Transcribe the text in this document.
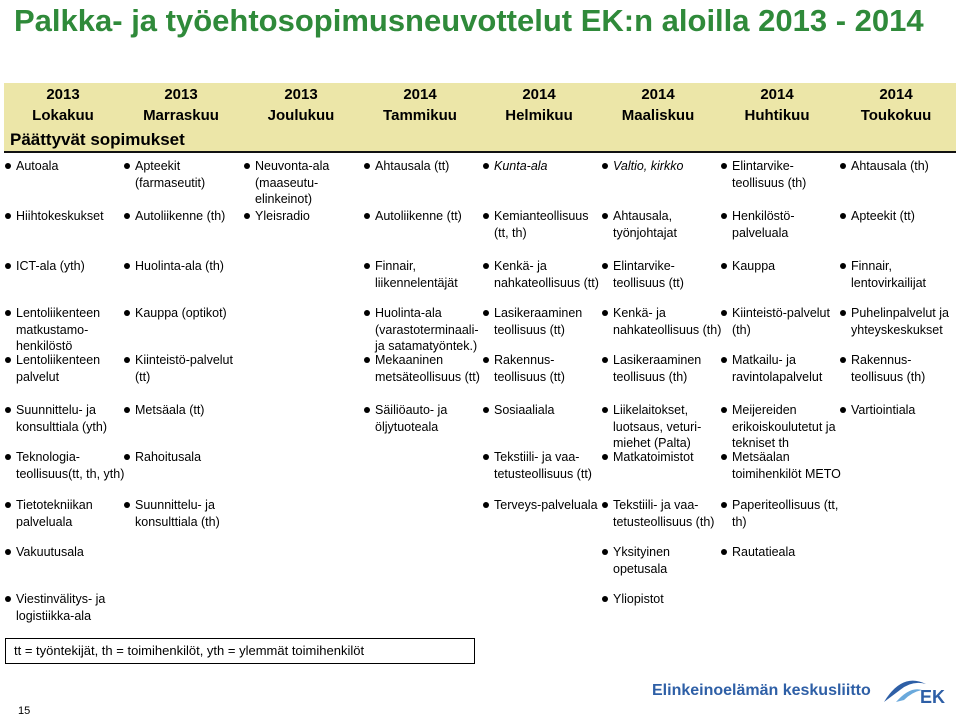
Palkka- ja työehtosopimusneuvottelut EK:n aloilla 2013 - 2014
2013
Lokakuu
2013
Marraskuu
2013
Joulukuu
2014
Tammikuu
2014
Helmikuu
2014
Maaliskuu
2014
Huhtikuu
2014
Toukokuu
Päättyvät sopimukset
Autoala
Hiihtokeskukset
ICT-ala (yth)
Lentoliikenteen matkustamo-henkilöstö
Lentoliikenteen palvelut
Suunnittelu- ja konsulttiala (yth)
Teknologia-teollisuus(tt, th, yth)
Tietotekniikan palveluala
Vakuutusala
Viestinvälitys- ja logistiikka-ala
Apteekit (farmaseutit)
Autoliikenne (th)
Huolinta-ala (th)
Kauppa (optikot)
Kiinteistö-palvelut (tt)
Metsäala (tt)
Rahoitusala
Suunnittelu- ja konsulttiala (th)
Neuvonta-ala (maaseutu-elinkeinot)
Yleisradio
Ahtausala (tt)
Autoliikenne (tt)
Finnair, liikennelentäjät
Huolinta-ala (varastoterminaali-ja satamatyöntek.)
Mekaaninen metsäteollisuus (tt)
Säiliöauto- ja öljytuoteala
Kunta-ala
Kemianteollisuus (tt, th)
Kenkä- ja nahkateollisuus (tt)
Lasikeraaminen teollisuus (tt)
Rakennus-teollisuus (tt)
Sosiaaliala
Tekstiili- ja vaa-tetusteollisuus (tt)
Terveys-palveluala
Valtio, kirkko
Ahtausala, työnjohtajat
Elintarvike-teollisuus (tt)
Kenkä- ja nahkateollisuus (th)
Lasikeraaminen teollisuus (th)
Liikelaitokset, luotsaus, veturi-miehet (Palta)
Matkatoimistot
Tekstiili- ja vaa-tetusteollisuus (th)
Yksityinen opetusala
Yliopistot
Elintarvike-teollisuus (th)
Henkilöstö-palveluala
Kauppa
Kiinteistö-palvelut (th)
Matkailu- ja ravintolapalvelut
Meijereiden erikoiskoulutetut ja tekniset th
Metsäalan toimihenkilöt METO
Paperiteollisuus (tt, th)
Rautatieala
Ahtausala (th)
Apteekit (tt)
Finnair, lentovirkailijat
Puhelinpalvelut ja yhteyskeskukset
Rakennus-teollisuus (th)
Vartiointiala
tt = työntekijät, th = toimihenkilöt, yth = ylemmät toimihenkilöt
15
Elinkeinoelämän keskusliitto	EK
